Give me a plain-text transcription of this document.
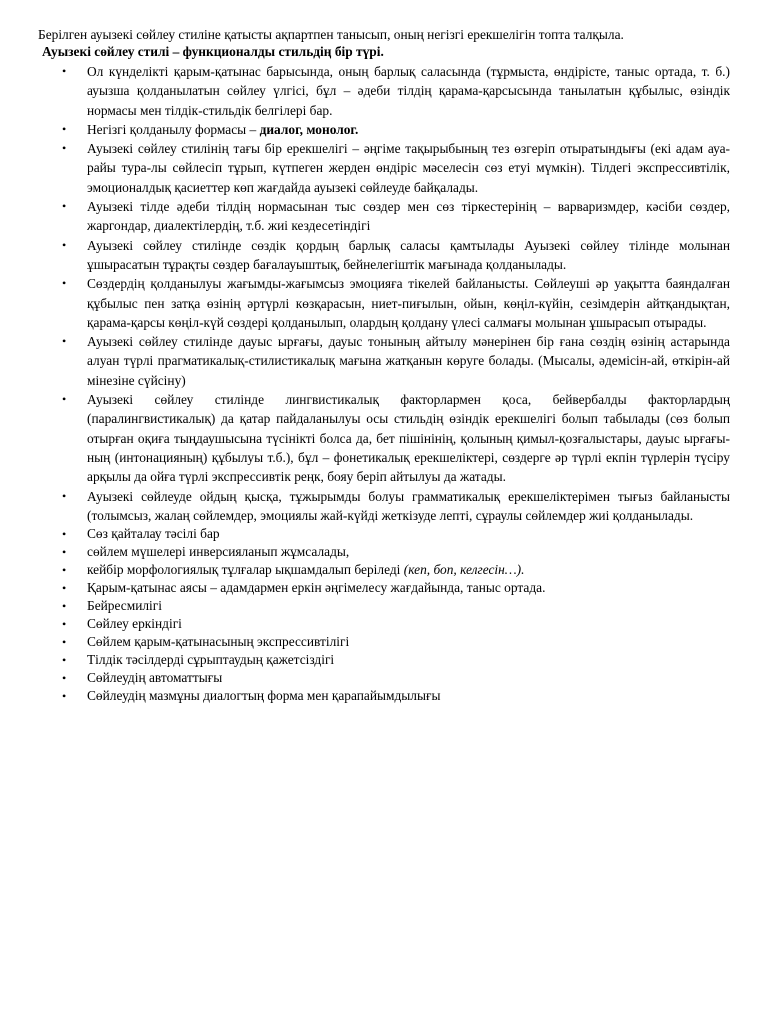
Берілген ауызекі сөйлеу стиліне қатысты ақпартпен танысып, оның негізгі ерекшелігін топта талқыла.

Ауызекі сөйлеу стилі – функционалды стильдің бір түрі.

• Ол күнделікті қарым-қатынас барысында, оның барлық саласында (тұрмыста, өндірісте, таныс ортада, т. б.) ауызша қолданылатын сөйлеу үлгісі, бұл – әдеби тілдің қарама-қарсысында танылатын құбылыс, өзіндік нормасы мен тілдік-стильдік белгілері бар.
• Негізгі қолданылу формасы – диалог, монолог.
• Ауызекі сөйлеу стилінің тағы бір ерекшелігі – әңгіме тақырыбының тез өзгеріп отыратындығы (екі адам ауа-райы тура-лы сөйлесіп тұрып, күтпеген жерден өндіріс мәселесін сөз етуі мүмкін). Тілдегі экспрессивтілік, эмоционалдық қасиеттер көп жағдайда ауызекі сөйлеуде байқалады.
• Ауызекі тілде әдеби тілдің нормасынан тыс сөздер мен сөз тіркестерінің – варваризмдер, кәсіби сөздер, жаргондар, диалектілердің, т.б. жиі кездесетіндігі
• Ауызекі сөйлеу стилінде сөздік қордың барлық саласы қамтылады Ауызекі сөйлеу тілінде молынан ұшырасатын тұрақты сөздер бағалауыштық, бейнелегіштік мағынада қолданылады.
• Сөздердің қолданылуы жағымды-жағымсыз эмоцияға тікелей байланысты. Сөйлеуші әр уақытта баяндалған құбылыс пен затқа өзінің әртүрлі көзқарасын, ниет-пиғылын, ойын, көңіл-күйін, сезімдерін айтқандықтан, қарама-қарсы көңіл-күй сөздері қолданылып, олардың қолдану үлесі салмағы молынан ұшырасып отырады.
• Ауызекі сөйлеу стилінде дауыс ырғағы, дауыс тонының айтылу мәнерінен бір ғана сөздің өзінің астарында алуан түрлі прагматикалық-стилистикалық мағына жатқанын көруге болады. (Мысалы, әдемісін-ай, өткірін-ай мінезіне сүйсіну)
• Ауызекі сөйлеу стилінде лингвистикалық факторлармен қоса, бейвербалды факторлардың (паралингвистикалық) да қатар пайдаланылуы осы стильдің өзіндік ерекшелігі болып табылады (сөз болып отырған оқиға тыңдаушысына түсінікті болса да, бет пішінінің, қолының қимыл-қозғалыстары, дауыс ырғағы-ның (интонацияның) құбылуы т.б.), бұл – фонетикалық ерекшеліктері, сөздерге әр түрлі екпін түрлерін түсіру арқылы да ойға түрлі экспрессивтік реңк, бояу беріп айтылуы да жатады.
• Ауызекі сөйлеуде ойдың қысқа, тұжырымды болуы грамматикалық ерекшеліктерімен тығыз байланысты (толымсыз, жалаң сөйлемдер, эмоциялы жай-күйді жеткізуде лепті, сұраулы сөйлемдер жиі қолданылады.
• Сөз қайталау тәсілі бар
• сөйлем мүшелері инверсияланып жұмсалады,
• кейбір морфологиялық тұлғалар ықшамдалып беріледі (кеп, боп, келгесін…).
• Қарым-қатынас аясы – адамдармен еркін әңгімелесу жағдайында, таныс ортада.
• Бейресмилігі
• Сөйлеу еркіндігі
• Сөйлем қарым-қатынасының экспрессивтілігі
• Тілдік тәсілдерді сұрыптаудың қажетсіздігі
• Сөйлеудің автоматтығы
• Сөйлеудің мазмұны диалогтың форма мен қарапайымдылығы
